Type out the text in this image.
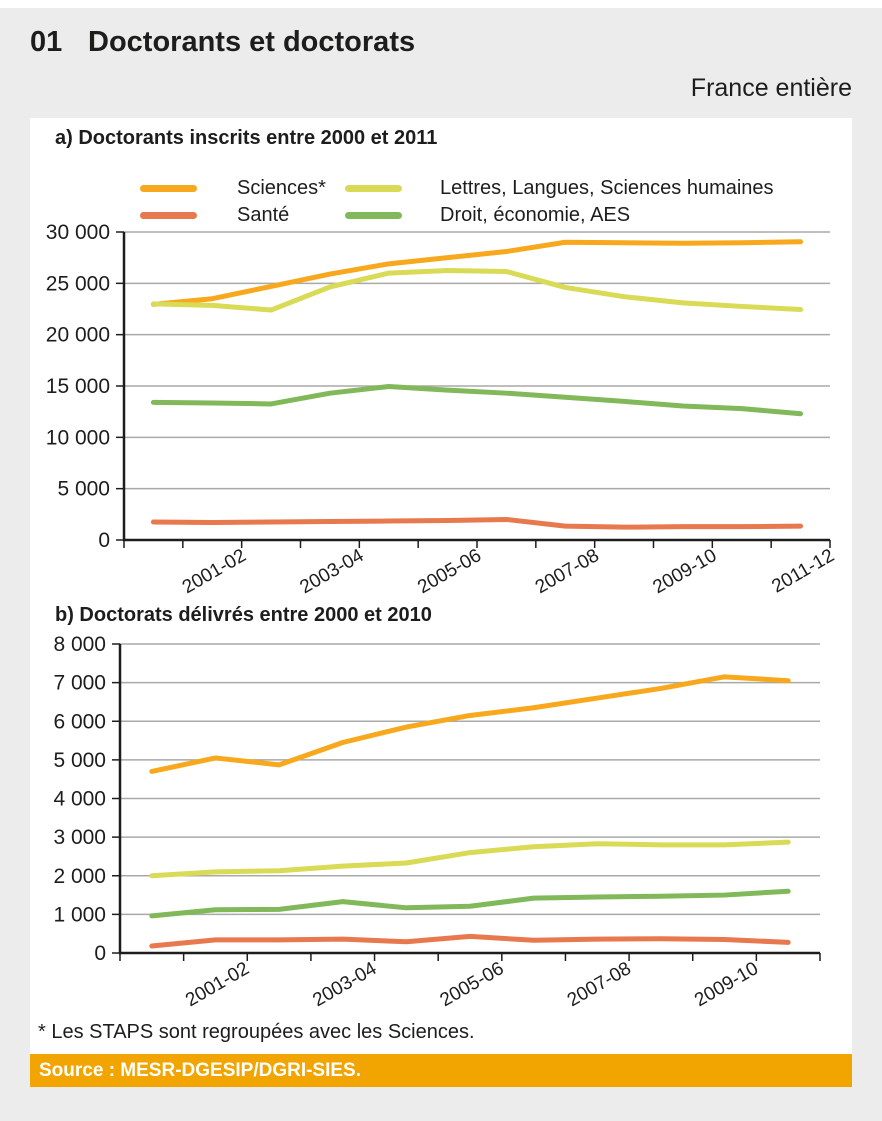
01 Doctorants et doctorats
France entière
a) Doctorants inscrits entre 2000 et 2011
Sciences*	Lettres, Langues, Sciences humaines
Santé	Droit, économie, AES
0
5 000
10 000
15 000
20 000
25 000
30 000
2001-02 2003-04 2005-06 2007-08 2009-10	2011-12
b) Doctorats délivrés entre 2000 et 2010
0
1 000
2 000
3 000
4 000
5 000
6 000
7 000
8 000
2001-02	2003-04	2005-06	2007-08	2009-10
* Les STAPS sont regroupées avec les Sciences.
Source : MESR-DGESIP/DGRI-SIES.
